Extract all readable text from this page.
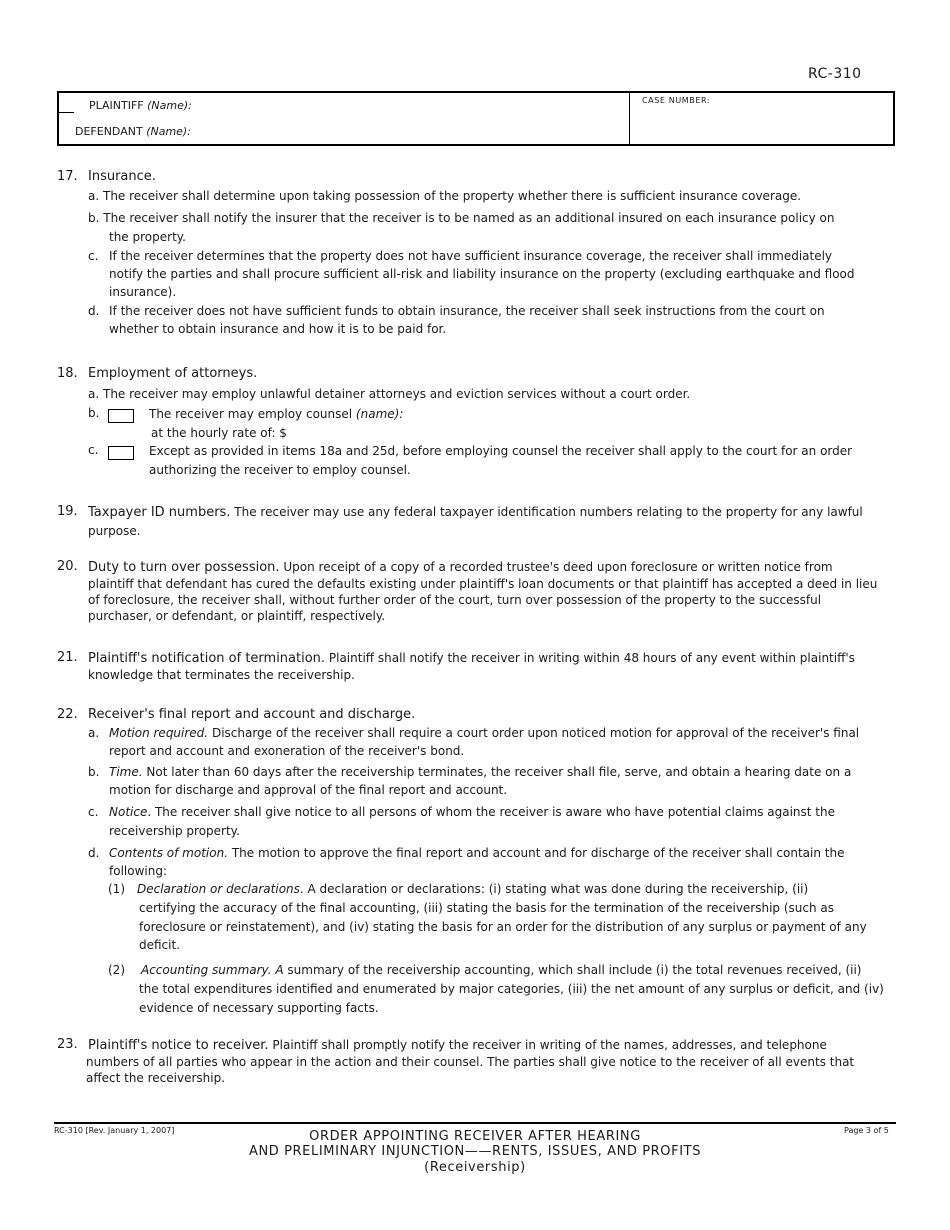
RC-310
PLAINTIFF (Name):
DEFENDANT (Name):
CASE NUMBER:
17. Insurance.
a. The receiver shall determine upon taking possession of the property whether there is sufficient insurance coverage.
b. The receiver shall notify the insurer that the receiver is to be named as an additional insured on each insurance policy on
the property.
c. If the receiver determines that the property does not have sufficient insurance coverage, the receiver shall immediately
notify the parties and shall procure sufficient all-risk and liability insurance on the property (excluding earthquake and flood
insurance).
d. If the receiver does not have sufficient funds to obtain insurance, the receiver shall seek instructions from the court on
whether to obtain insurance and how it is to be paid for.
18. Employment of attorneys.
a. The receiver may employ unlawful detainer attorneys and eviction services without a court order.
b.	The receiver may employ counsel (name):
at the hourly rate of: $
c.	Except as provided in items 18a and 25d, before employing counsel the receiver shall apply to the court for an order
authorizing the receiver to employ counsel.
19. Taxpayer ID numbers. The receiver may use any federal taxpayer identification numbers relating to the property for any lawful
purpose.
20. Duty to turn over possession. Upon receipt of a copy of a recorded trustee's deed upon foreclosure or written notice from
plaintiff that defendant has cured the defaults existing under plaintiff's loan documents or that plaintiff has accepted a deed in lieu
of foreclosure, the receiver shall, without further order of the court, turn over possession of the property to the successful
purchaser, or defendant, or plaintiff, respectively.
21. Plaintiff's notification of termination. Plaintiff shall notify the receiver in writing within 48 hours of any event within plaintiff's
knowledge that terminates the receivership.
22. Receiver's final report and account and discharge.
a. Motion required. Discharge of the receiver shall require a court order upon noticed motion for approval of the receiver's final
report and account and exoneration of the receiver's bond.
b. Time. Not later than 60 days after the receivership terminates, the receiver shall file, serve, and obtain a hearing date on a
motion for discharge and approval of the final report and account.
c. Notice. The receiver shall give notice to all persons of whom the receiver is aware who have potential claims against the
receivership property.
d. Contents of motion. The motion to approve the final report and account and for discharge of the receiver shall contain the
following:
(1) Declaration or declarations. A declaration or declarations: (i) stating what was done during the receivership, (ii)
certifying the accuracy of the final accounting, (iii) stating the basis for the termination of the receivership (such as
foreclosure or reinstatement), and (iv) stating the basis for an order for the distribution of any surplus or payment of any
deficit.
(2) Accounting summary. A summary of the receivership accounting, which shall include (i) the total revenues received, (ii)
the total expenditures identified and enumerated by major categories, (iii) the net amount of any surplus or deficit, and (iv)
evidence of necessary supporting facts.
23. Plaintiff's notice to receiver. Plaintiff shall promptly notify the receiver in writing of the names, addresses, and telephone
numbers of all parties who appear in the action and their counsel. The parties shall give notice to the receiver of all events that
affect the receivership.
RC-310 [Rev. January 1, 2007]	Page 3 of 5
ORDER APPOINTING RECEIVER AFTER HEARING
AND PRELIMINARY INJUNCTION——RENTS, ISSUES, AND PROFITS
(Receivership)
